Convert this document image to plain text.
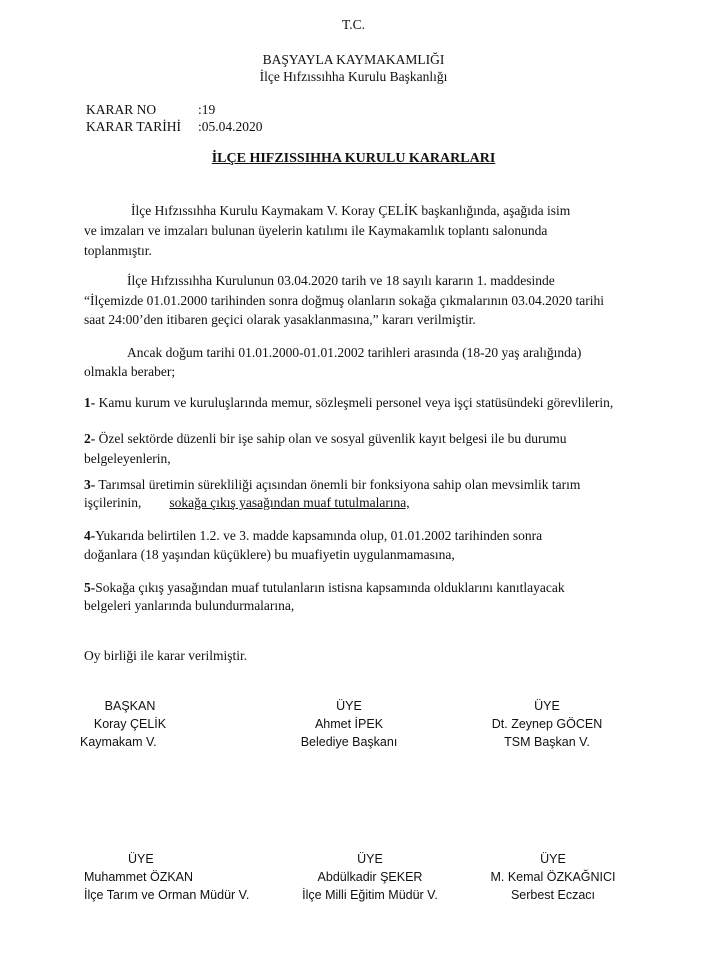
T.C.
BAŞYAYLA KAYMAKAMLIĞI
İlçe Hıfzıssıhha Kurulu Başkanlığı
KARAR NO	:19
KARAR TARİHİ :05.04.2020
İLÇE HIFZISSIHHA KURULU KARARLARI
İlçe Hıfzıssıhha Kurulu Kaymakam V. Koray ÇELİK başkanlığında, aşağıda isim
ve imzaları ve imzaları bulunan üyelerin katılımı ile Kaymakamlık toplantı salonunda
toplanmıştır.
İlçe Hıfzıssıhha Kurulunun 03.04.2020 tarih ve 18 sayılı kararın 1. maddesinde
“İlçemizde 01.01.2000 tarihinden sonra doğmuş olanların sokağa çıkmalarının 03.04.2020 tarihi
saat 24:00’den itibaren geçici olarak yasaklanmasına,” kararı verilmiştir.
Ancak doğum tarihi 01.01.2000-01.01.2002 tarihleri arasında (18-20 yaş aralığında)
olmakla beraber;
1- Kamu kurum ve kuruluşlarında memur, sözleşmeli personel veya işçi statüsündeki görevlilerin,
2- Özel sektörde düzenli bir işe sahip olan ve sosyal güvenlik kayıt belgesi ile bu durumu
belgeleyenlerin,
3- Tarımsal üretimin sürekliliği açısından önemli bir fonksiyona sahip olan mevsimlik tarım
işçilerinin, sokağa çıkış yasağından muaf tutulmalarına,
4-Yukarıda belirtilen 1.2. ve 3. madde kapsamında olup, 01.01.2002 tarihinden sonra
doğanlara (18 yaşından küçüklere) bu muafiyetin uygulanmamasına,
5-Sokağa çıkış yasağından muaf tutulanların istisna kapsamında olduklarını kanıtlayacak
belgeleri yanlarında bulundurmalarına,
Oy birliği ile karar verilmiştir.
BAŞKAN
Koray ÇELİK
Kaymakam V.
ÜYE
Ahmet İPEK
Belediye Başkanı
ÜYE
Dt. Zeynep GÖCEN
TSM Başkan V.
ÜYE
Muhammet ÖZKAN
İlçe Tarım ve Orman Müdür V.
ÜYE
Abdülkadir ŞEKER
İlçe Milli Eğitim Müdür V.
ÜYE
M. Kemal ÖZKAĞNICI
Serbest Eczacı
